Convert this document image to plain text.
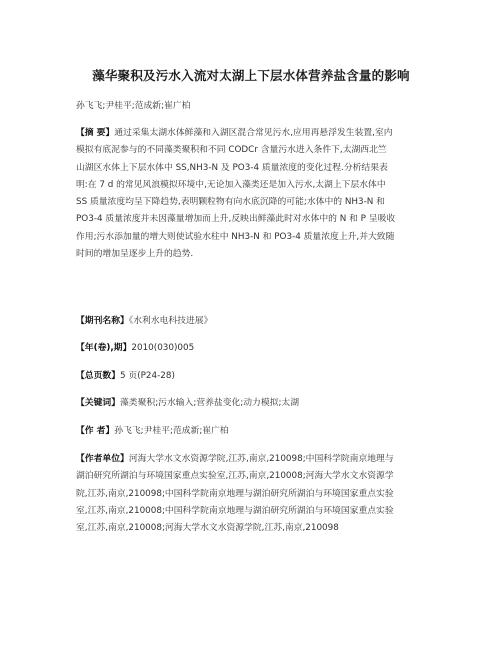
藻华聚积及污水入流对太湖上下层水体营养盐含量的影响
孙飞飞;尹桂平;范成新;崔广柏
【摘 要】通过采集太湖水体鲜藻和入湖区混合常见污水,应用再悬浮发生装置,室内
模拟有底泥参与的不同藻类聚积和不同 CODCr 含量污水进入条件下,太湖西北竺
山湖区水体上下层水体中 SS,NH3-N 及 PO3-4 质量浓度的变化过程.分析结果表
明:在 7 d 的常见风浪模拟环境中,无论加入藻类还是加入污水,太湖上下层水体中
SS 质量浓度均呈下降趋势,表明颗粒物有向水底沉降的可能;水体中的 NH3-N 和
PO3-4 质量浓度并未因藻量增加而上升,反映出鲜藻此时对水体中的 N 和 P 呈吸收
作用;污水添加量的增大则使试验水柱中 NH3-N 和 PO3-4 质量浓度上升,并大致随
时间的增加呈逐步上升的趋势.
【期刊名称】《水利水电科技进展》
【年(卷),期】2010(030)005
【总页数】5 页(P24-28)
【关键词】藻类聚积;污水输入;营养盐变化;动力模拟;太湖
【作 者】孙飞飞;尹桂平;范成新;崔广柏
【作者单位】河海大学水文水资源学院,江苏,南京,210098;中国科学院南京地理与
湖泊研究所湖泊与环境国家重点实验室,江苏,南京,210008;河海大学水文水资源学
院,江苏,南京,210098;中国科学院南京地理与湖泊研究所湖泊与环境国家重点实验
室,江苏,南京,210008;中国科学院南京地理与湖泊研究所湖泊与环境国家重点实验
室,江苏,南京,210008;河海大学水文水资源学院,江苏,南京,210098
